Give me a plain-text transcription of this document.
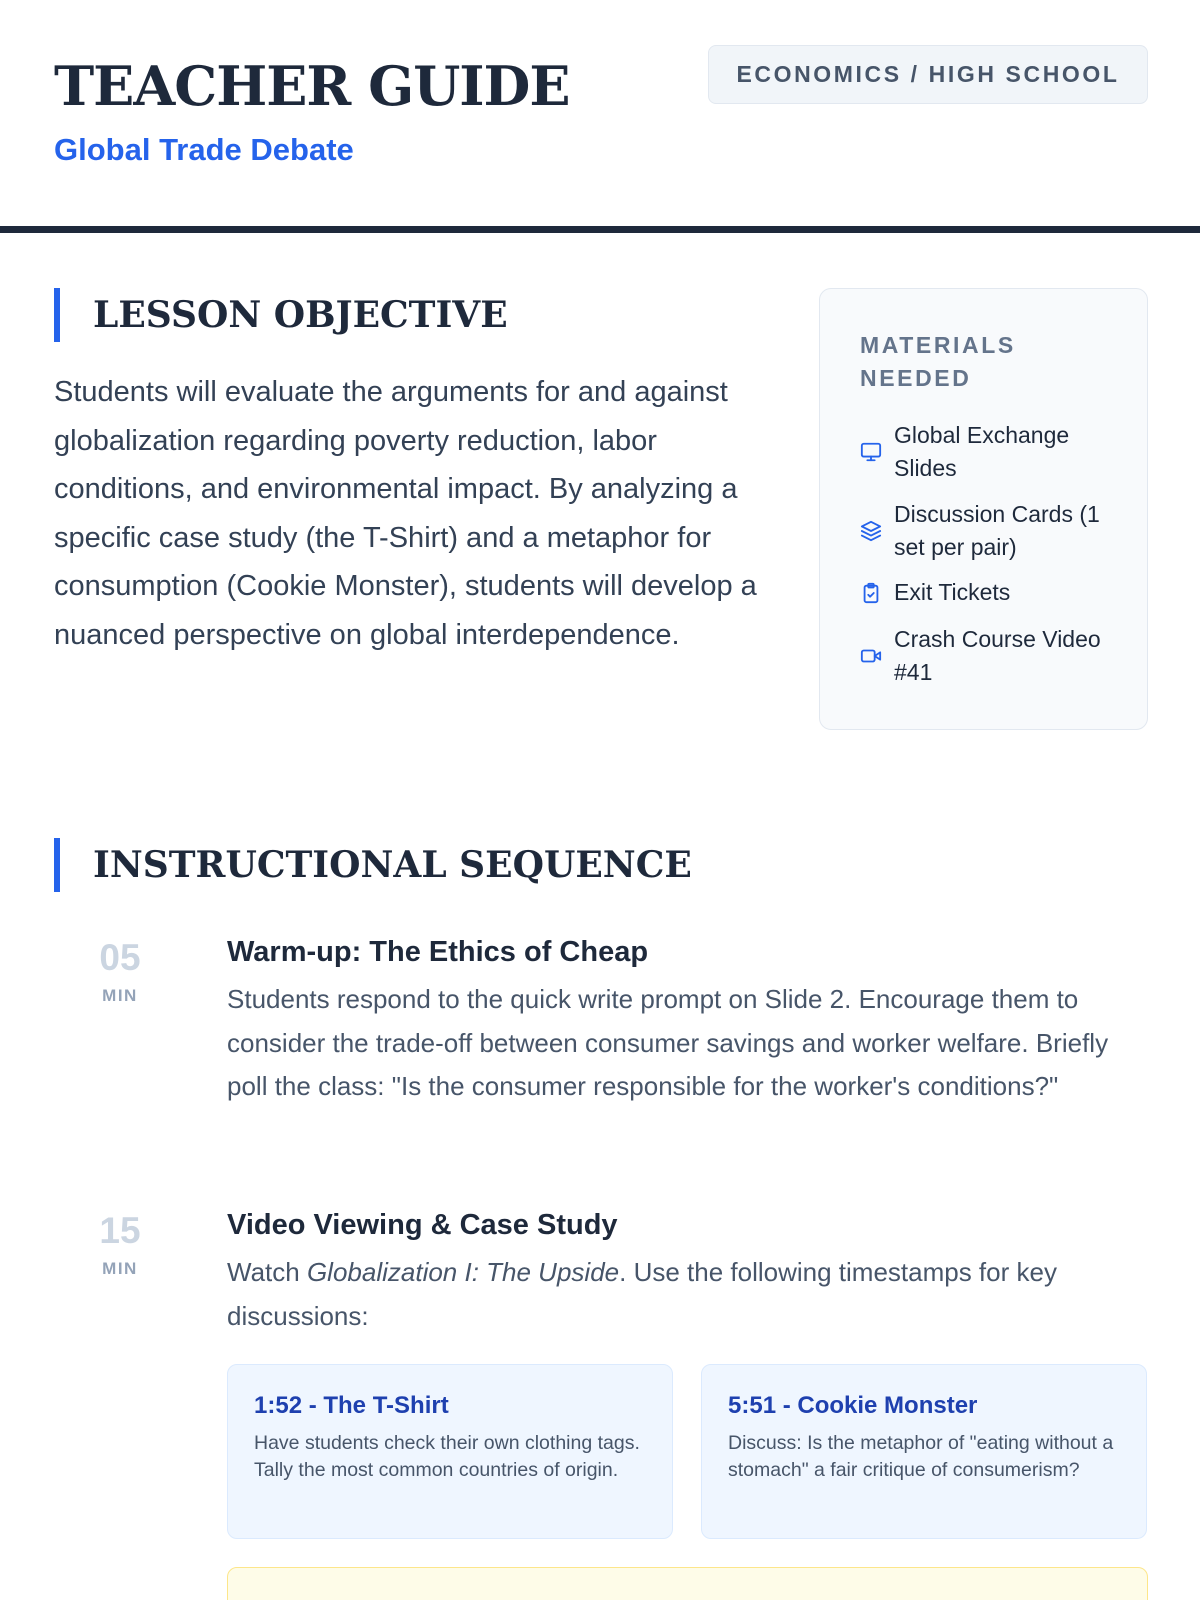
TEACHER GUIDE
Global Trade Debate
ECONOMICS / HIGH SCHOOL
LESSON OBJECTIVE

Students will evaluate the arguments for and against globalization regarding poverty reduction, labor conditions, and environmental impact. By analyzing a specific case study (the T-Shirt) and a metaphor for consumption (Cookie Monster), students will develop a nuanced perspective on global interdependence.

MATERIALS NEEDED
Global Exchange Slides
Discussion Cards (1 set per pair)
Exit Tickets
Crash Course Video #41
INSTRUCTIONAL SEQUENCE
05
MIN
Warm-up: The Ethics of Cheap

Students respond to the quick write prompt on Slide 2. Encourage them to consider the trade-off between consumer savings and worker welfare. Briefly poll the class: "Is the consumer responsible for the worker's conditions?"

15
MIN
Video Viewing & Case Study

Watch Globalization I: The Upside. Use the following timestamps for key discussions:

1:52 - The T-Shirt
Have students check their own clothing tags. Tally the most common countries of origin.
5:51 - Cookie Monster
Discuss: Is the metaphor of "eating without a stomach" a fair critique of consumerism?
